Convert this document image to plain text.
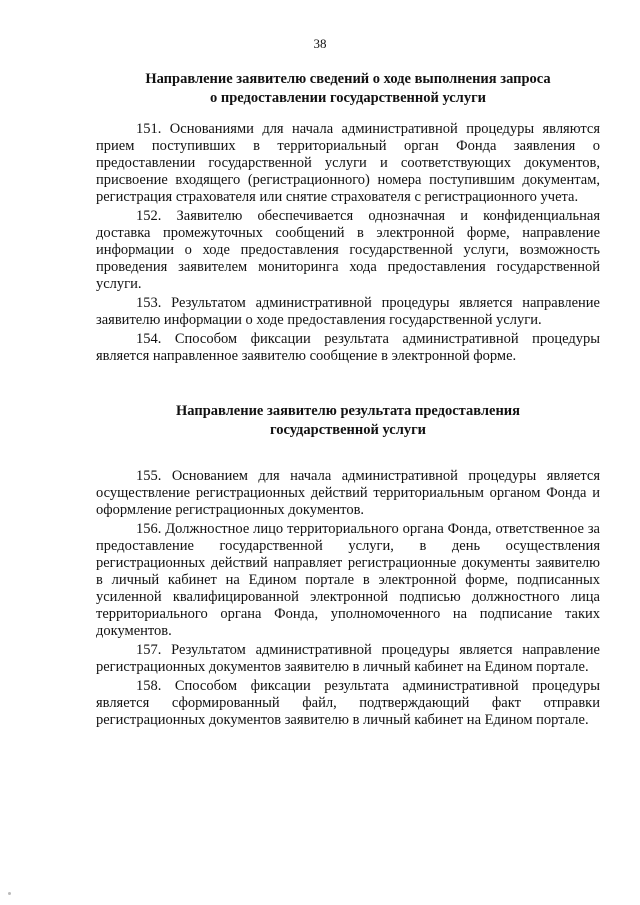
38
Направление заявителю сведений о ходе выполнения запроса
о предоставлении государственной услуги

151. Основаниями для начала административной процедуры являются прием поступивших в территориальный орган Фонда заявления о предоставлении государственной услуги и соответствующих документов, присвоение входящего (регистрационного) номера поступившим документам, регистрация страхователя или снятие страхователя с регистрационного учета.

152. Заявителю обеспечивается однозначная и конфиденциальная доставка промежуточных сообщений в электронной форме, направление информации о ходе предоставления государственной услуги, возможность проведения заявителем мониторинга хода предоставления государственной услуги.

153. Результатом административной процедуры является направление заявителю информации о ходе предоставления государственной услуги.

154. Способом фиксации результата административной процедуры является направленное заявителю сообщение в электронной форме.

Направление заявителю результата предоставления
государственной услуги

155. Основанием для начала административной процедуры является осуществление регистрационных действий территориальным органом Фонда и оформление регистрационных документов.

156. Должностное лицо территориального органа Фонда, ответственное за предоставление государственной услуги, в день осуществления регистрационных действий направляет регистрационные документы заявителю в личный кабинет на Едином портале в электронной форме, подписанных усиленной квалифицированной электронной подписью должностного лица территориального органа Фонда, уполномоченного на подписание таких документов.

157. Результатом административной процедуры является направление регистрационных документов заявителю в личный кабинет на Едином портале.

158. Способом фиксации результата административной процедуры является сформированный файл, подтверждающий факт отправки регистрационных документов заявителю в личный кабинет на Едином портале.
